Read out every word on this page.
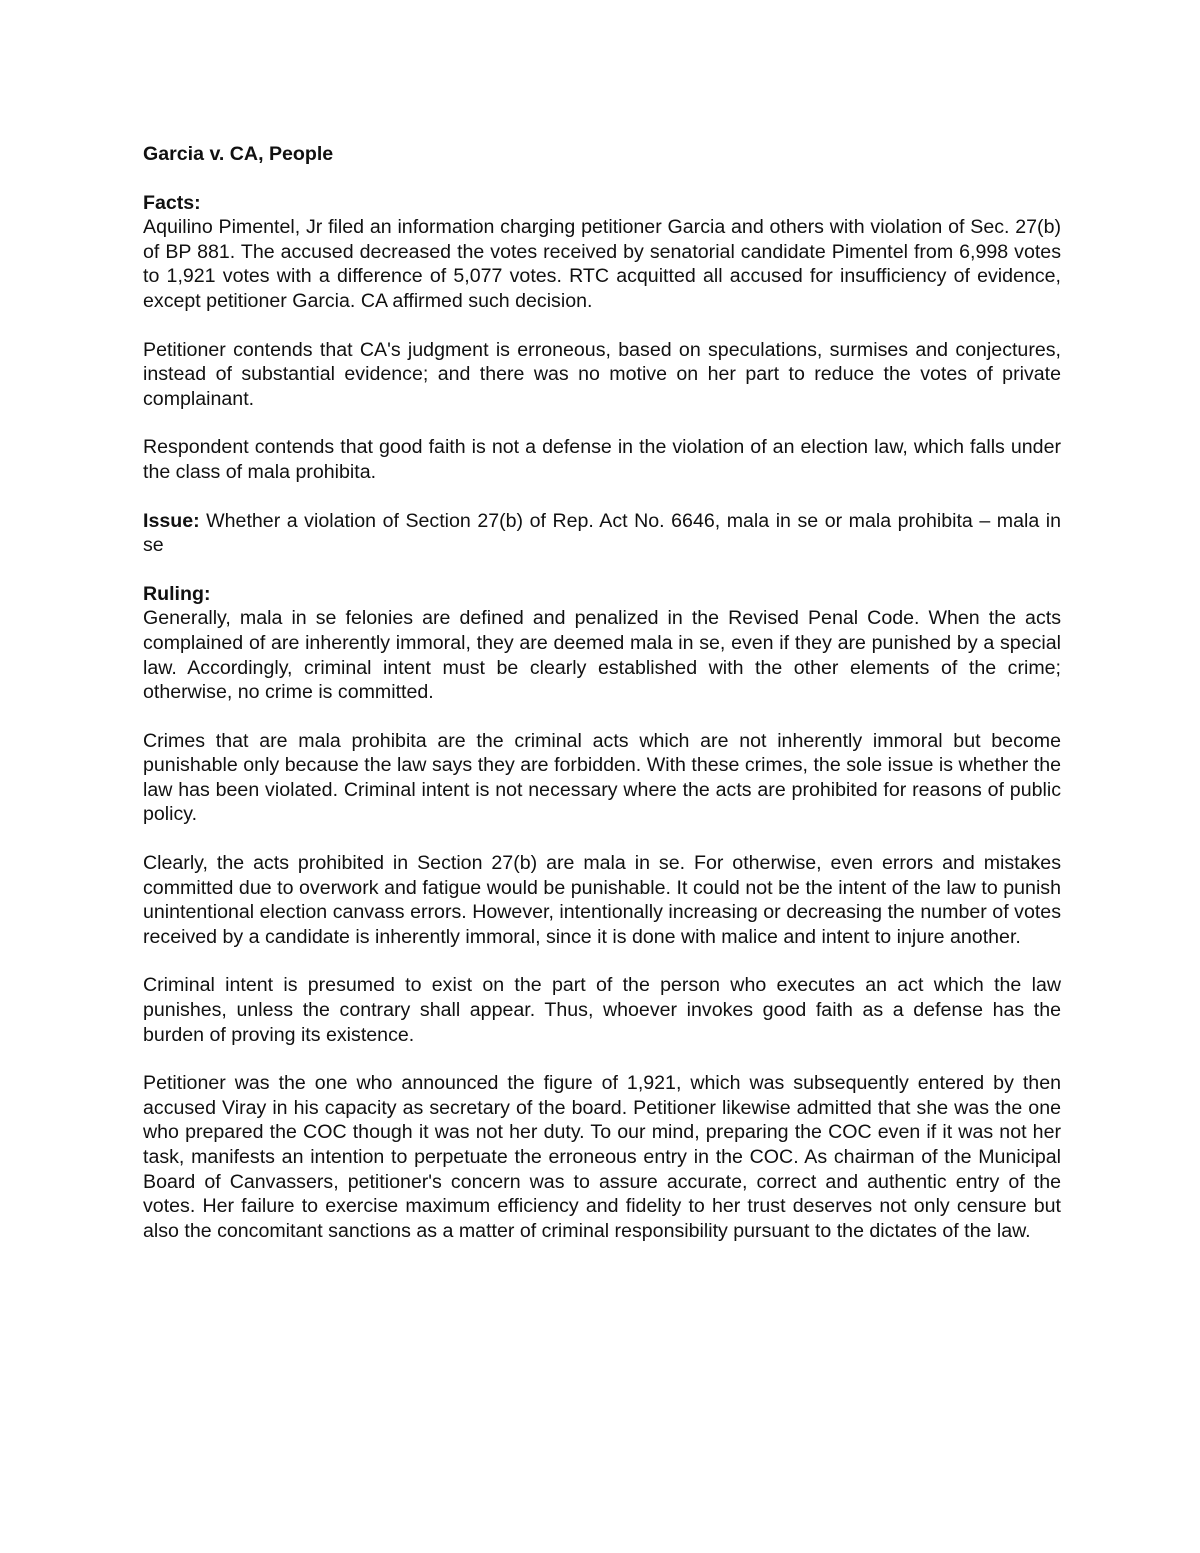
Garcia v. CA, People

Facts:

Aquilino Pimentel, Jr filed an information charging petitioner Garcia and others with violation of Sec. 27(b) of BP 881. The accused decreased the votes received by senatorial candidate Pimentel from 6,998 votes to 1,921 votes with a difference of 5,077 votes. RTC acquitted all accused for insufficiency of evidence, except petitioner Garcia. CA affirmed such decision.

Petitioner contends that CA's judgment is erroneous, based on speculations, surmises and conjectures, instead of substantial evidence; and there was no motive on her part to reduce the votes of private complainant.

Respondent contends that good faith is not a defense in the violation of an election law, which falls under the class of mala prohibita.

Issue: Whether a violation of Section 27(b) of Rep. Act No. 6646, mala in se or mala prohibita – mala in se

Ruling:

Generally, mala in se felonies are defined and penalized in the Revised Penal Code. When the acts complained of are inherently immoral, they are deemed mala in se, even if they are punished by a special law. Accordingly, criminal intent must be clearly established with the other elements of the crime; otherwise, no crime is committed.

Crimes that are mala prohibita are the criminal acts which are not inherently immoral but become punishable only because the law says they are forbidden. With these crimes, the sole issue is whether the law has been violated. Criminal intent is not necessary where the acts are prohibited for reasons of public policy.

Clearly, the acts prohibited in Section 27(b) are mala in se. For otherwise, even errors and mistakes committed due to overwork and fatigue would be punishable. It could not be the intent of the law to punish unintentional election canvass errors. However, intentionally increasing or decreasing the number of votes received by a candidate is inherently immoral, since it is done with malice and intent to injure another.

Criminal intent is presumed to exist on the part of the person who executes an act which the law punishes, unless the contrary shall appear. Thus, whoever invokes good faith as a defense has the burden of proving its existence.

Petitioner was the one who announced the figure of 1,921, which was subsequently entered by then accused Viray in his capacity as secretary of the board. Petitioner likewise admitted that she was the one who prepared the COC though it was not her duty. To our mind, preparing the COC even if it was not her task, manifests an intention to perpetuate the erroneous entry in the COC. As chairman of the Municipal Board of Canvassers, petitioner's concern was to assure accurate, correct and authentic entry of the votes. Her failure to exercise maximum efficiency and fidelity to her trust deserves not only censure but also the concomitant sanctions as a matter of criminal responsibility pursuant to the dictates of the law.
